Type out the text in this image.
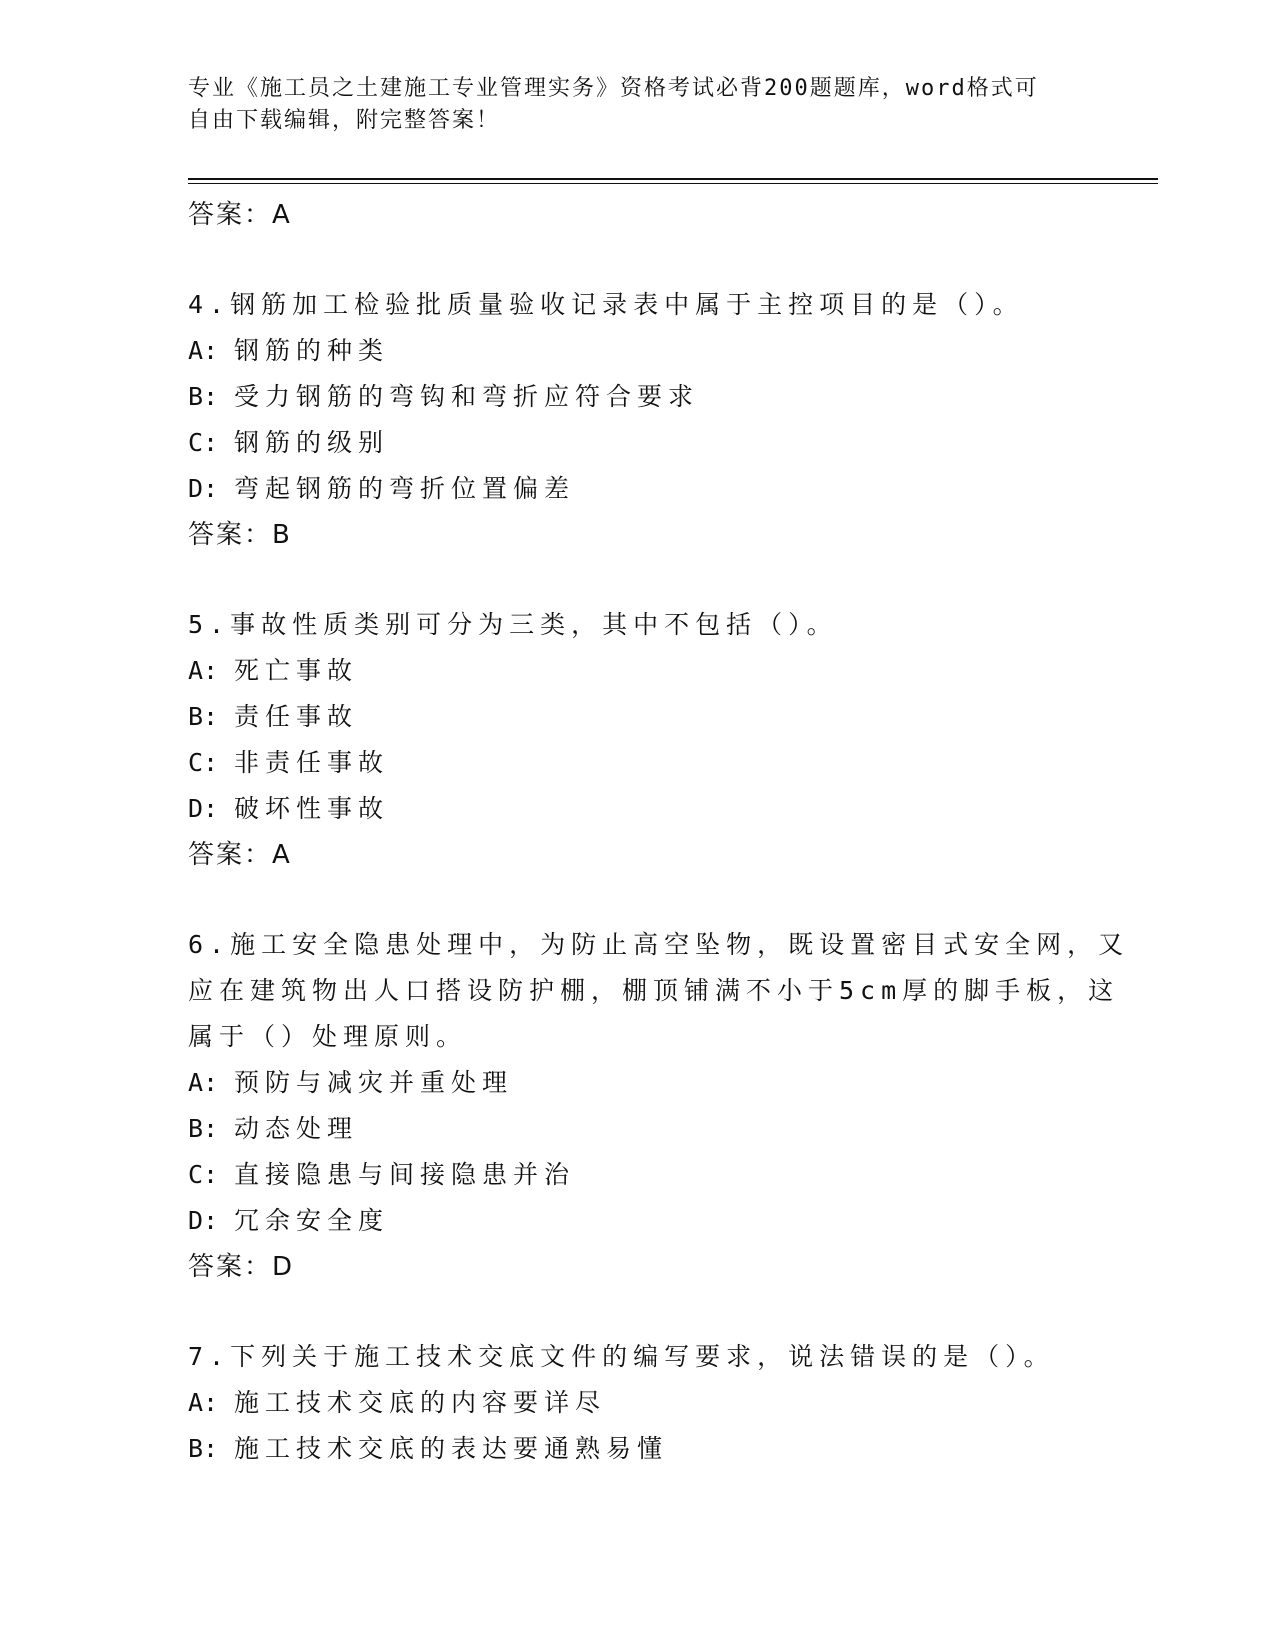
专业《施工员之土建施工专业管理实务》资格考试必背200题题库，word格式可
自由下载编辑，附完整答案！
答案：A
4.钢筋加工检验批质量验收记录表中属于主控项目的是（）。
A: 钢筋的种类
B: 受力钢筋的弯钩和弯折应符合要求
C: 钢筋的级别
D: 弯起钢筋的弯折位置偏差
答案：B
5.事故性质类别可分为三类，其中不包括（）。
A: 死亡事故
B: 责任事故
C: 非责任事故
D: 破坏性事故
答案：A
6.施工安全隐患处理中，为防止高空坠物，既设置密目式安全网，又
应在建筑物出人口搭设防护棚，棚顶铺满不小于5cm厚的脚手板，这
属于（）处理原则。
A: 预防与减灾并重处理
B: 动态处理
C: 直接隐患与间接隐患并治
D: 冗余安全度
答案：D
7.下列关于施工技术交底文件的编写要求，说法错误的是（）。
A: 施工技术交底的内容要详尽
B: 施工技术交底的表达要通熟易懂
